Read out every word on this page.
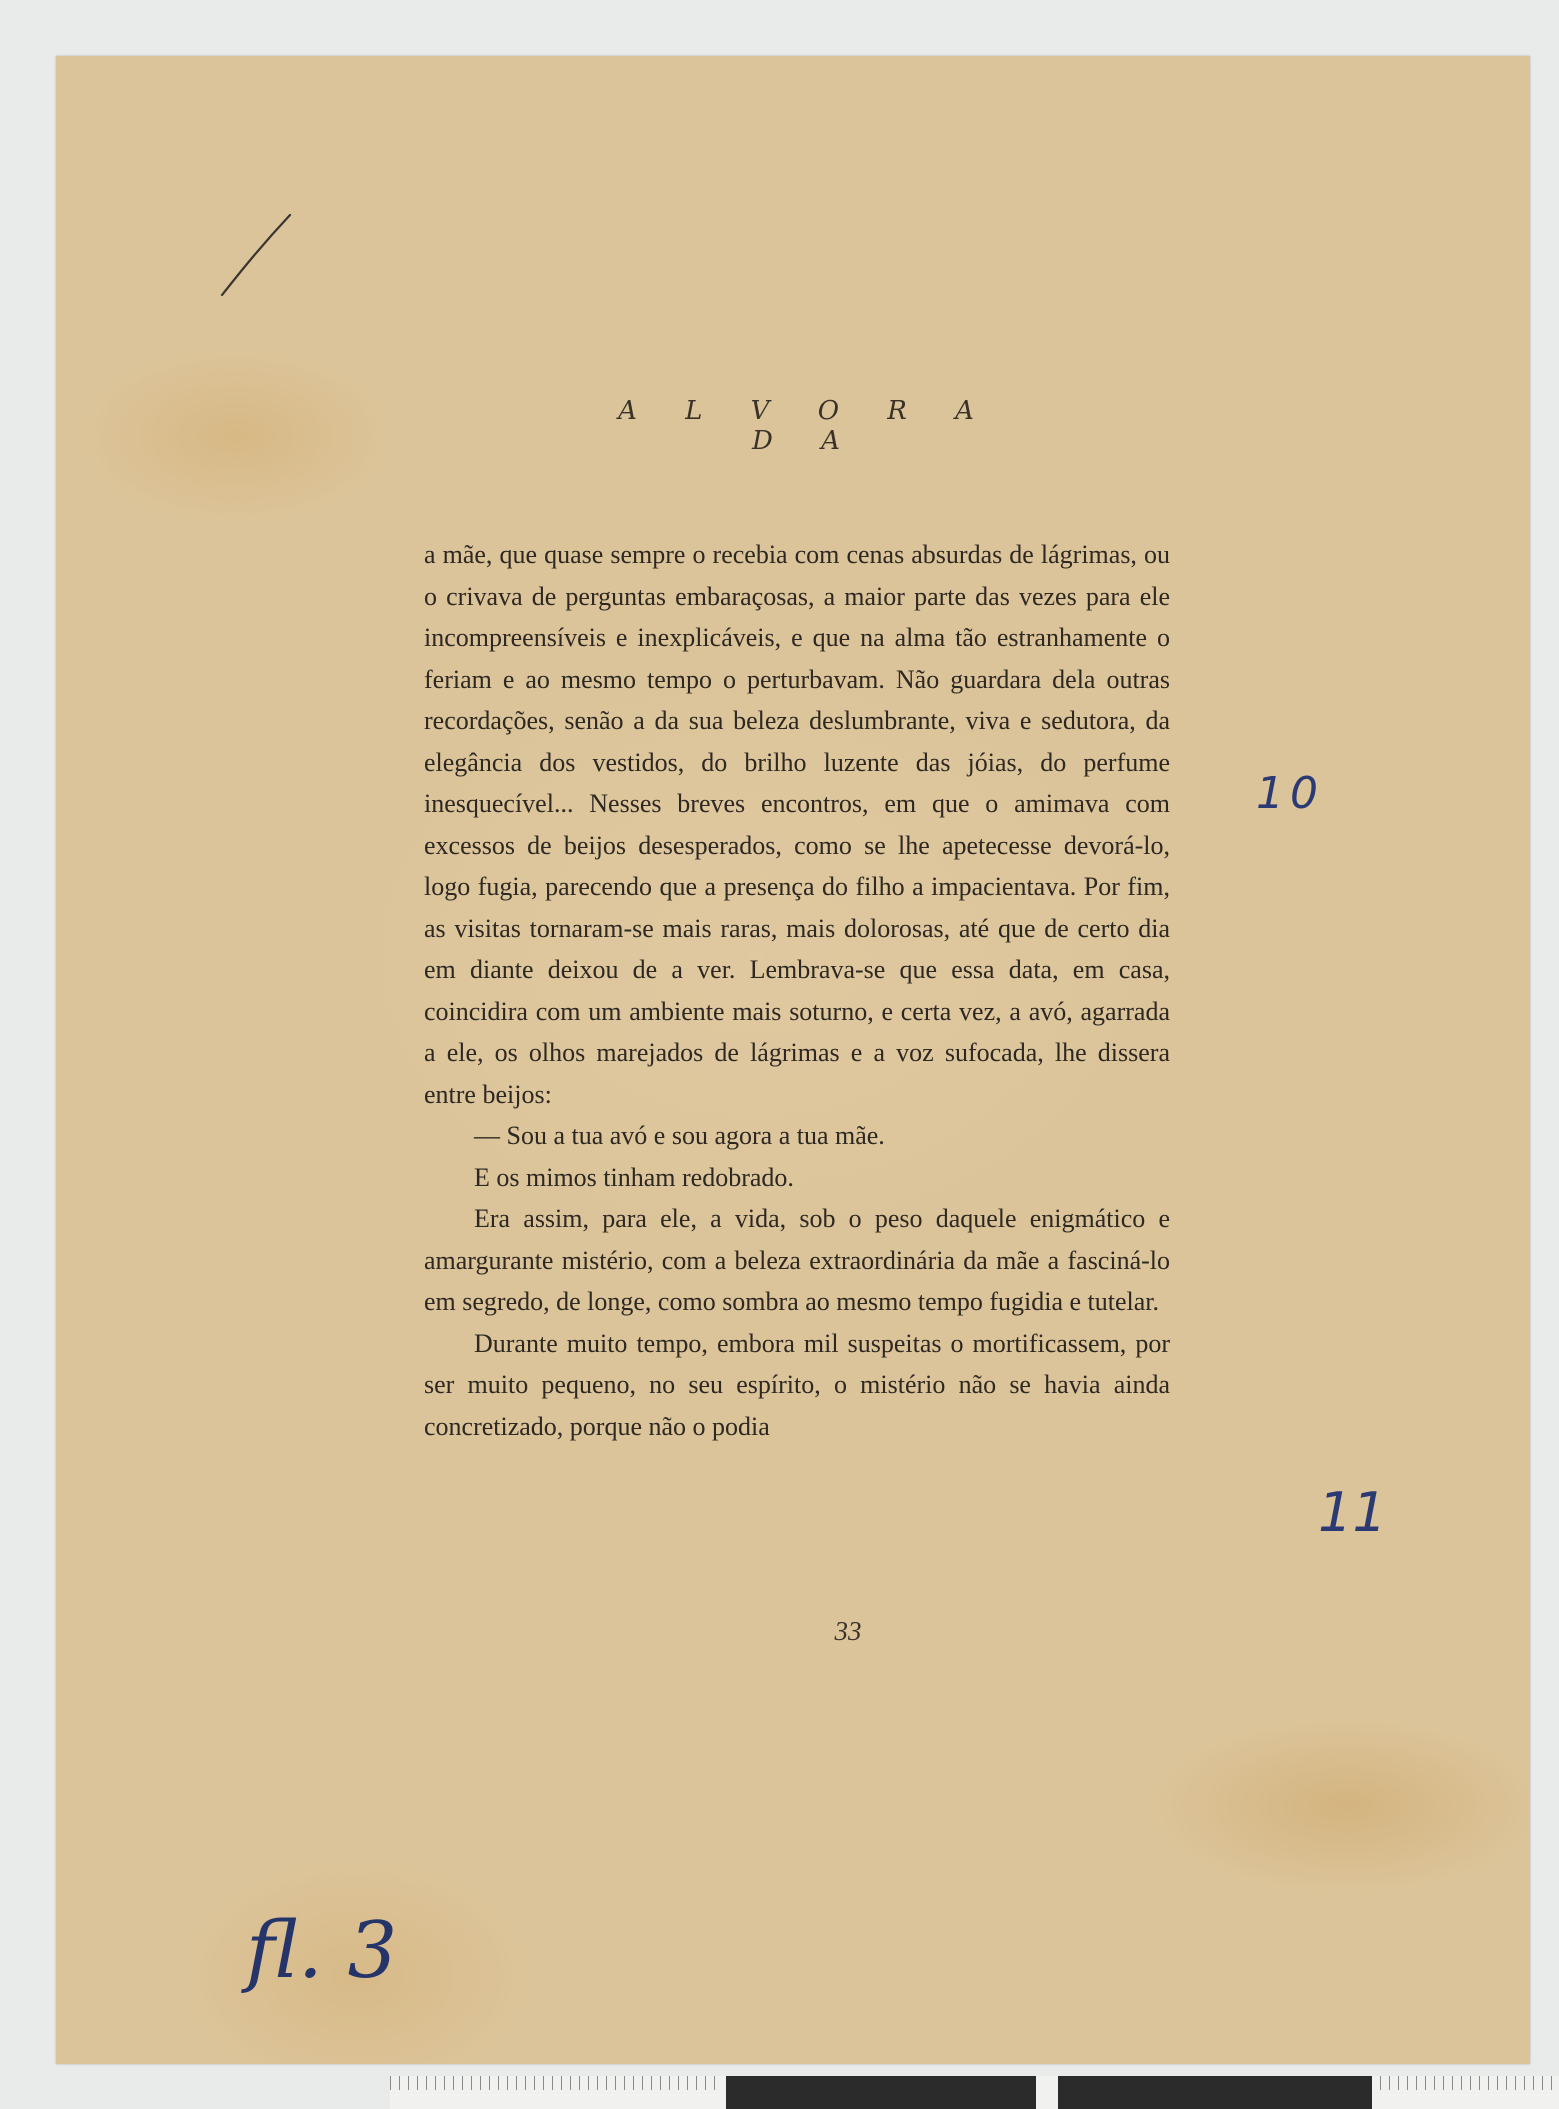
A L V O R A D A

a mãe, que quase sempre o recebia com cenas absurdas de lágrimas, ou o crivava de perguntas embaraçosas, a maior parte das vezes para ele incompreensíveis e inexplicáveis, e que na alma tão estranhamente o feriam e ao mesmo tempo o perturbavam. Não guardara dela outras recordações, senão a da sua beleza deslumbrante, viva e sedutora, da elegância dos vestidos, do brilho luzente das jóias, do perfume inesquecível... Nesses breves encontros, em que o amimava com excessos de beijos desesperados, como se lhe apetecesse devorá-lo, logo fugia, parecendo que a presença do filho a impacientava. Por fim, as visitas tornaram-se mais raras, mais dolorosas, até que de certo dia em diante deixou de a ver. Lembrava-se que essa data, em casa, coincidira com um ambiente mais soturno, e certa vez, a avó, agarrada a ele, os olhos marejados de lágrimas e a voz sufocada, lhe dissera entre beijos:

— Sou a tua avó e sou agora a tua mãe.

E os mimos tinham redobrado.

Era assim, para ele, a vida, sob o peso daquele enigmático e amargurante mistério, com a beleza extraordinária da mãe a fasciná-lo em segredo, de longe, como sombra ao mesmo tempo fugidia e tutelar.

Durante muito tempo, embora mil suspeitas o mortificassem, por ser muito pequeno, no seu espírito, o mistério não se havia ainda concretizado, porque não o podia

33
10
11
fl. 3
